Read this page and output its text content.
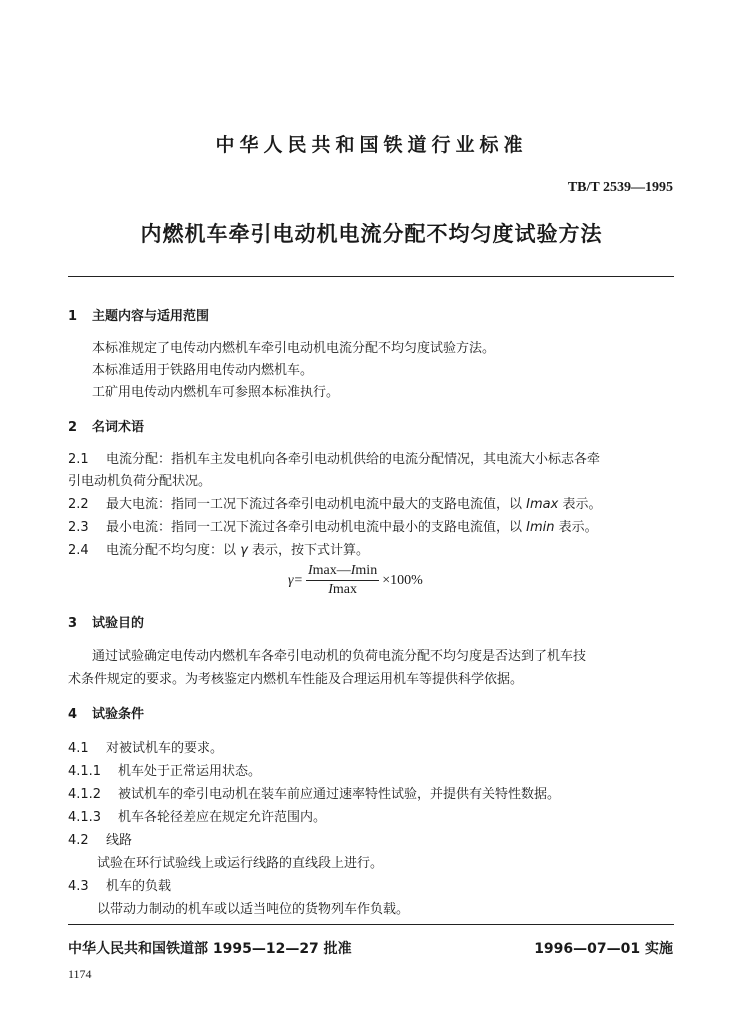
中华人民共和国铁道行业标准
TB/T 2539—1995
内燃机车牵引电动机电流分配不均匀度试验方法
1 主题内容与适用范围
本标准规定了电传动内燃机车牵引电动机电流分配不均匀度试验方法。
本标准适用于铁路用电传动内燃机车。
工矿用电传动内燃机车可参照本标准执行。
2 名词术语
2.1 电流分配：指机车主发电机向各牵引电动机供给的电流分配情况，其电流大小标志各牵
引电动机负荷分配状况。
2.2 最大电流：指同一工况下流过各牵引电动机电流中最大的支路电流值，以 Imax 表示。
2.3 最小电流：指同一工况下流过各牵引电动机电流中最小的支路电流值，以 Imin 表示。
2.4 电流分配不均匀度：以 γ 表示，按下式计算。
$\gamma= \frac{Imax—Imin}{Imax} \times 100\%$
3 试验目的
通过试验确定电传动内燃机车各牵引电动机的负荷电流分配不均匀度是否达到了机车技
术条件规定的要求。为考核鉴定内燃机车性能及合理运用机车等提供科学依据。
4 试验条件
4.1 对被试机车的要求。
4.1.1 机车处于正常运用状态。
4.1.2 被试机车的牵引电动机在装车前应通过速率特性试验，并提供有关特性数据。
4.1.3 机车各轮径差应在规定允许范围内。
4.2 线路
试验在环行试验线上或运行线路的直线段上进行。
4.3 机车的负载
以带动力制动的机车或以适当吨位的货物列车作负载。
中华人民共和国铁道部 1995—12—27 批准	1996—07—01 实施
1174
